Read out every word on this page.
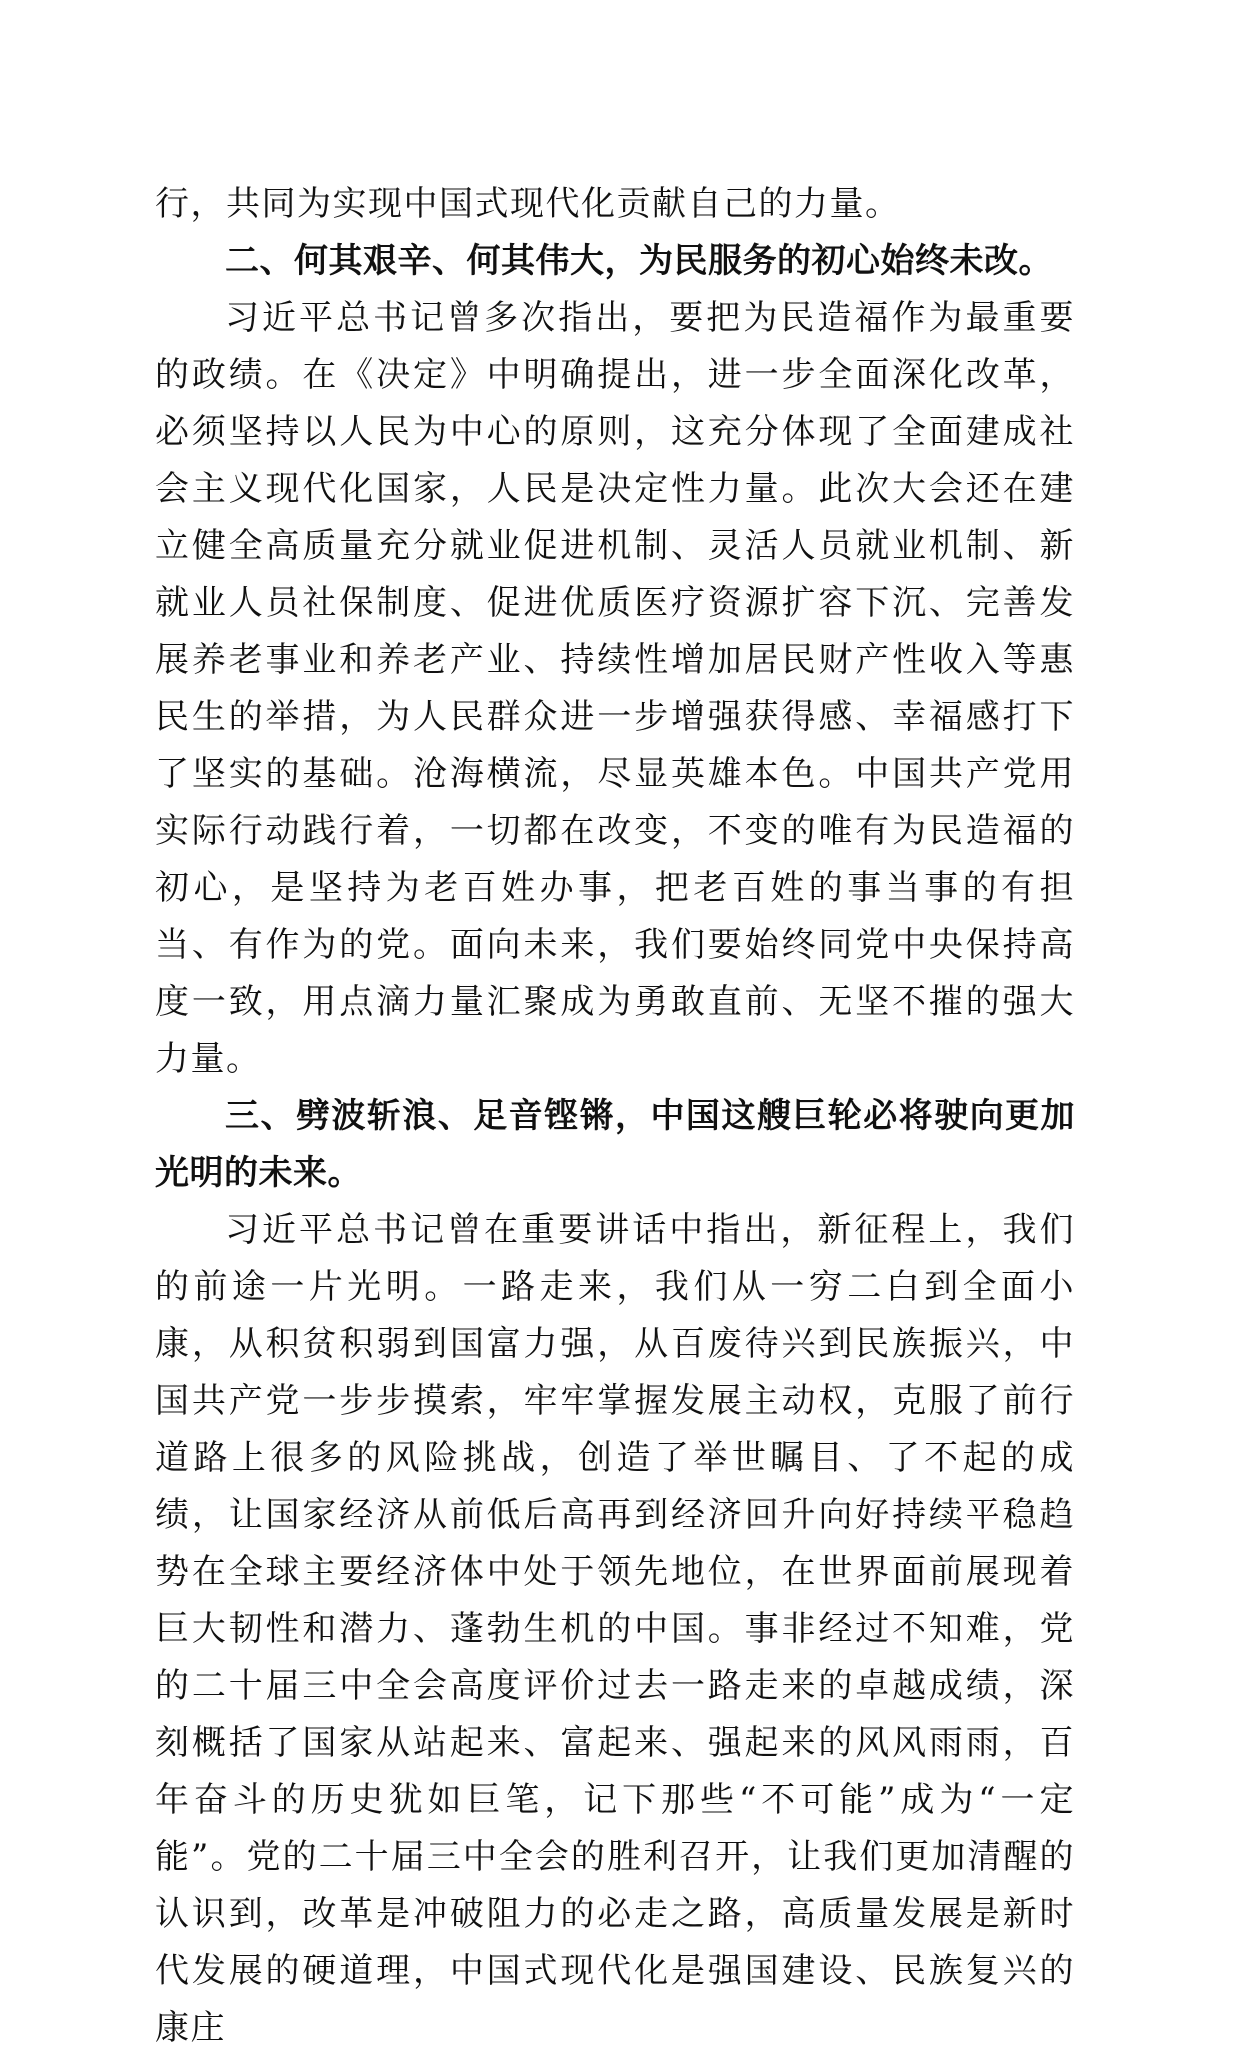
行，共同为实现中国式现代化贡献自己的力量。

二、何其艰辛、何其伟大，为民服务的初心始终未改。

习近平总书记曾多次指出，要把为民造福作为最重要的政绩。在《决定》中明确提出，进一步全面深化改革，必须坚持以人民为中心的原则，这充分体现了全面建成社会主义现代化国家，人民是决定性力量。此次大会还在建立健全高质量充分就业促进机制、灵活人员就业机制、新就业人员社保制度、促进优质医疗资源扩容下沉、完善发展养老事业和养老产业、持续性增加居民财产性收入等惠民生的举措，为人民群众进一步增强获得感、幸福感打下了坚实的基础。沧海横流，尽显英雄本色。中国共产党用实际行动践行着，一切都在改变，不变的唯有为民造福的初心，是坚持为老百姓办事，把老百姓的事当事的有担当、有作为的党。面向未来，我们要始终同党中央保持高度一致，用点滴力量汇聚成为勇敢直前、无坚不摧的强大力量。

三、劈波斩浪、足音铿锵，中国这艘巨轮必将驶向更加光明的未来。

习近平总书记曾在重要讲话中指出，新征程上，我们的前途一片光明。一路走来，我们从一穷二白到全面小康，从积贫积弱到国富力强，从百废待兴到民族振兴，中国共产党一步步摸索，牢牢掌握发展主动权，克服了前行道路上很多的风险挑战，创造了举世瞩目、了不起的成绩，让国家经济从前低后高再到经济回升向好持续平稳趋势在全球主要经济体中处于领先地位，在世界面前展现着巨大韧性和潜力、蓬勃生机的中国。事非经过不知难，党的二十届三中全会高度评价过去一路走来的卓越成绩，深刻概括了国家从站起来、富起来、强起来的风风雨雨，百年奋斗的历史犹如巨笔，记下那些“不可能”成为“一定能”。党的二十届三中全会的胜利召开，让我们更加清醒的认识到，改革是冲破阻力的必走之路，高质量发展是新时代发展的硬道理，中国式现代化是强国建设、民族复兴的康庄
